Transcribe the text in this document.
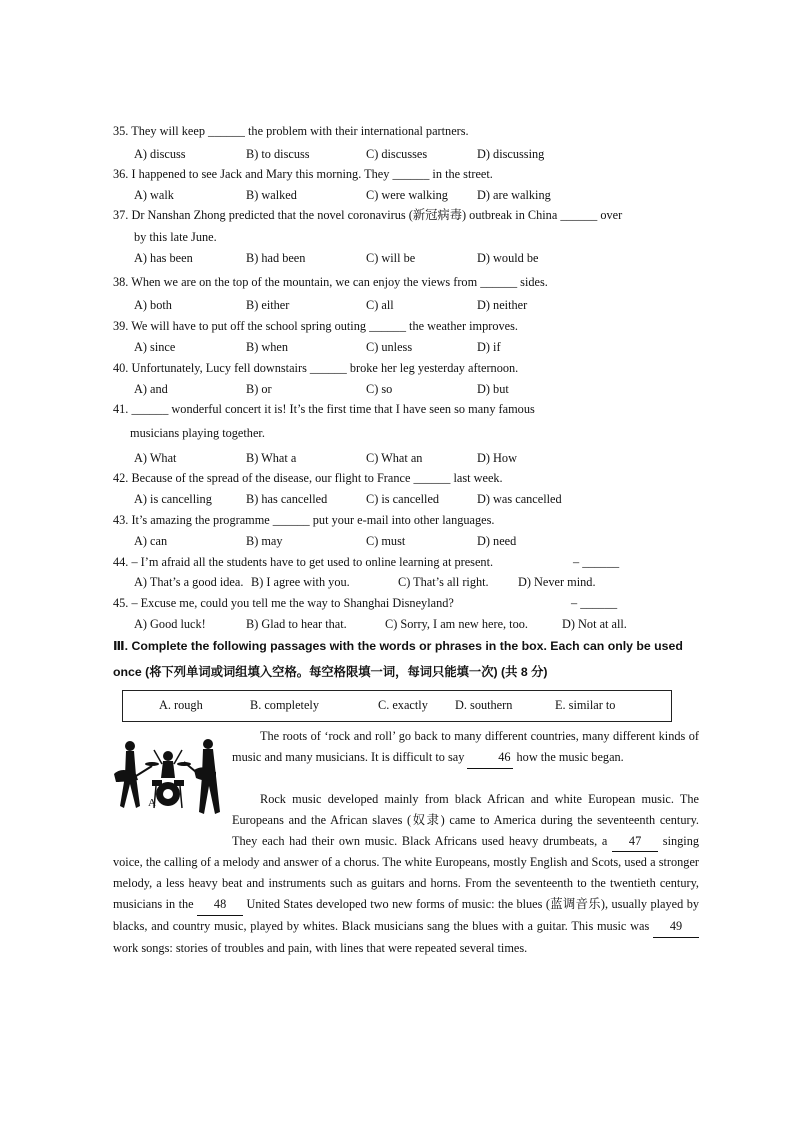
35. They will keep ______ the problem with their international partners.
A) discuss	B) to discuss	C) discusses	D) discussing
36. I happened to see Jack and Mary this morning. They ______ in the street.
A) walk	B) walked	C) were walking D) are walking
37. Dr Nanshan Zhong predicted that the novel coronavirus (新冠病毒) outbreak in China ______ over
by this late June.
A) has been	B) had been	C) will be	D) would be
38. When we are on the top of the mountain, we can enjoy the views from ______ sides.
A) both	B) either	C) all	D) neither
39. We will have to put off the school spring outing ______ the weather improves.
A) since	B) when	C) unless	D) if
40. Unfortunately, Lucy fell downstairs ______ broke her leg yesterday afternoon.
A) and	B) or	C) so	D) but
41. ______ wonderful concert it is! It’s the first time that I have seen so many famous
musicians playing together.
A) What	B) What a	C) What an	D) How
42. Because of the spread of the disease, our flight to France ______ last week.
A) is cancelling	B) has cancelled	C) is cancelled	D) was cancelled
43. It’s amazing the programme ______ put your e-mail into other languages.
A) can	B) may	C) must	D) need
44. – I’m afraid all the students have to get used to online learning at present.	– ______
A) That’s a good idea. B) I agree with you.	C) That’s all right. D) Never mind.
45. – Excuse me, could you tell me the way to Shanghai Disneyland?	– ______
A) Good luck!	B) Glad to hear that.	C) Sorry, I am new here, too.	D) Not at all.
Ⅲ. Complete the following passages with the words or phrases in the box. Each can only be used
once (将下列单词或词组填入空格。每空格限填一词，每词只能填一次) (共 8 分)
A. rough	B. completely	C. exactly D. southern	E. similar to
A

The roots of ‘rock and roll’ go back to many different countries, many different kinds of music and many musicians. It is difficult to say	46 how the music began.

Rock music developed mainly from black African and white European music. The Europeans and the African slaves (奴隶) came to America during the seventeenth century. They each had their own music. Black Africans used heavy drumbeats, a 47 singing voice, the calling of a melody and answer of a chorus. The white Europeans, mostly English and Scots, used a stronger melody, a less heavy beat and instruments such as guitars and horns. From the seventeenth to the twentieth century, musicians in the 48 United States developed two new forms of music: the blues (蓝调音乐), usually played by blacks, and country music, played by whites. Black musicians sang the blues with a guitar. This music was 49 work songs: stories of troubles and pain, with lines that were repeated several times.
